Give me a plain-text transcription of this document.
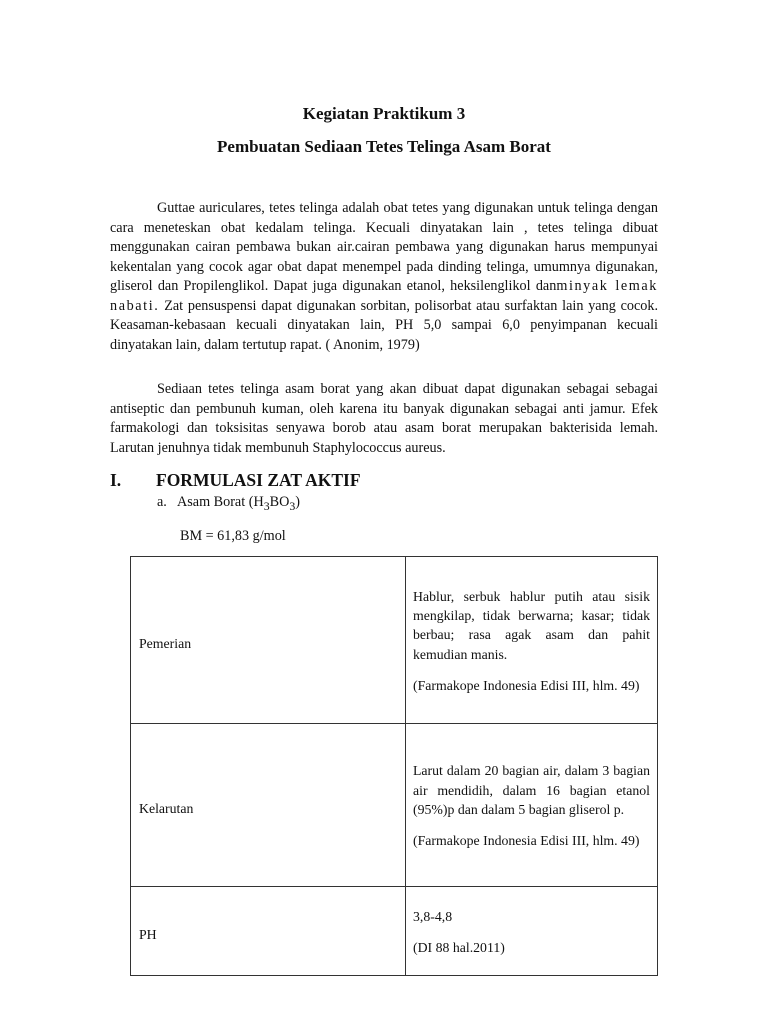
Kegiatan Praktikum 3
Pembuatan Sediaan Tetes Telinga Asam Borat

Guttae auriculares, tetes telinga adalah obat tetes yang digunakan untuk telinga dengan cara meneteskan obat kedalam telinga. Kecuali dinyatakan lain , tetes telinga dibuat menggunakan cairan pembawa bukan air.cairan pembawa yang digunakan harus mempunyai kekentalan yang cocok agar obat dapat menempel pada dinding telinga, umumnya digunakan, gliserol dan Propilenglikol. Dapat juga digunakan etanol, heksilenglikol danminyak lemak nabati. Zat pensuspensi dapat digunakan sorbitan, polisorbat atau surfaktan lain yang cocok. Keasaman-kebasaan kecuali dinyatakan lain, PH 5,0 sampai 6,0 penyimpanan kecuali dinyatakan lain, dalam tertutup rapat. ( Anonim, 1979)

Sediaan tetes telinga asam borat yang akan dibuat dapat digunakan sebagai sebagai antiseptic dan pembunuh kuman, oleh karena itu banyak digunakan sebagai anti jamur. Efek farmakologi dan toksisitas senyawa borob atau asam borat merupakan bakterisida lemah. Larutan jenuhnya tidak membunuh Staphylococcus aureus.

I. FORMULASI ZAT AKTIF
a. Asam Borat $(H_3BO_3)$
BM = 61,83 g/mol
Pemerian	Hablur, serbuk hablur putih atau sisik mengkilap, tidak berwarna; kasar; tidak berbau; rasa agak asam dan pahit kemudian manis.

(Farmakope Indonesia Edisi III, hlm. 49)

Kelarutan	Larut dalam 20 bagian air, dalam 3 bagian air mendidih, dalam 16 bagian etanol (95%)p dan dalam 5 bagian gliserol p.

(Farmakope Indonesia Edisi III, hlm. 49)

PH	3,8-4,8

(DI 88 hal.2011)
